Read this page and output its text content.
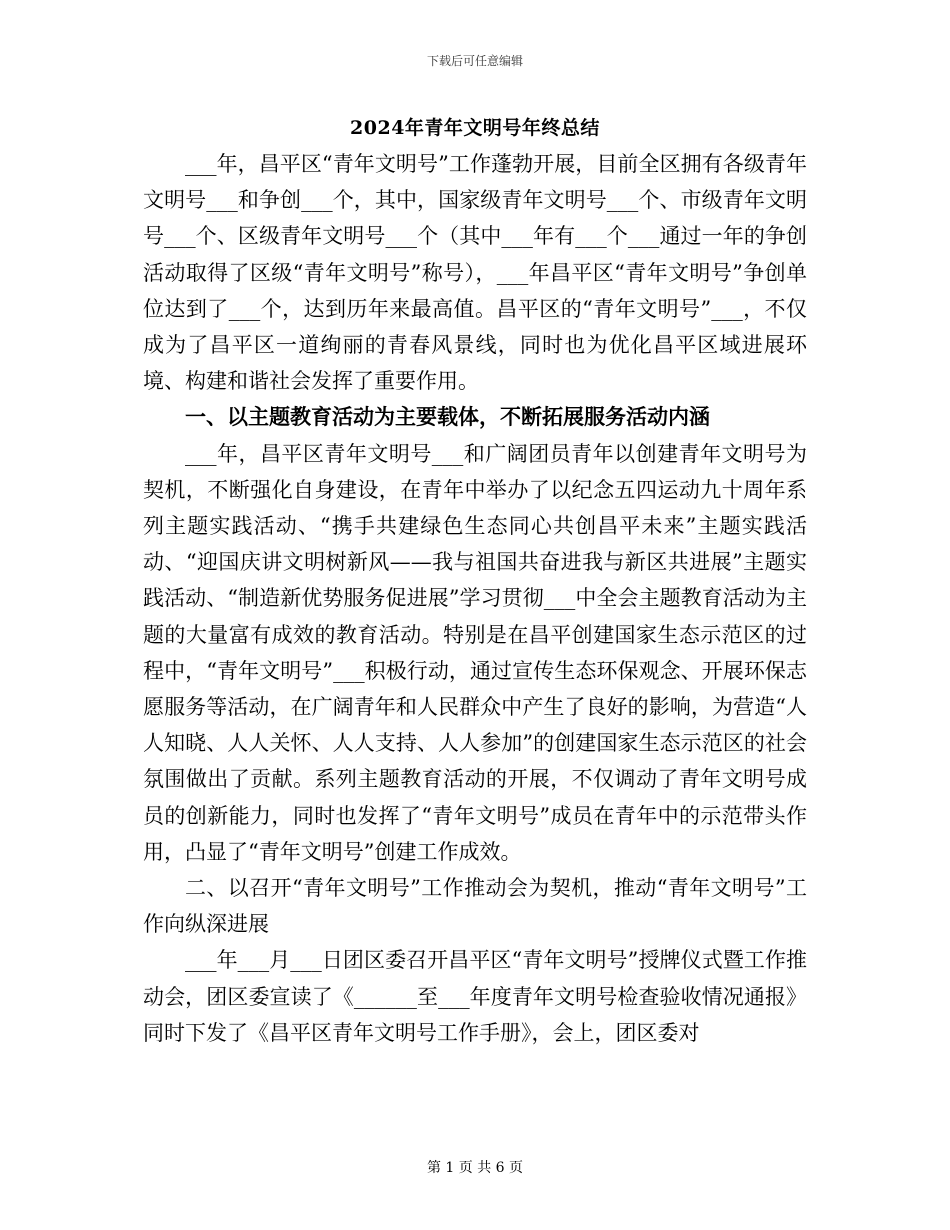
下载后可任意编辑
2024年青年文明号年终总结

___年，昌平区“青年文明号”工作蓬勃开展，目前全区拥有各级青年文明号___和争创___个，其中，国家级青年文明号___个、市级青年文明号___个、区级青年文明号___个（其中___年有___个___通过一年的争创活动取得了区级“青年文明号”称号），___年昌平区“青年文明号”争创单位达到了___个，达到历年来最高值。昌平区的“青年文明号”___，不仅成为了昌平区一道绚丽的青春风景线，同时也为优化昌平区域进展环境、构建和谐社会发挥了重要作用。

一、以主题教育活动为主要载体，不断拓展服务活动内涵

___年，昌平区青年文明号___和广阔团员青年以创建青年文明号为契机，不断强化自身建设，在青年中举办了以纪念五四运动九十周年系列主题实践活动、“携手共建绿色生态同心共创昌平未来”主题实践活动、“迎国庆讲文明树新风——我与祖国共奋进我与新区共进展”主题实践活动、“制造新优势服务促进展”学习贯彻___中全会主题教育活动为主题的大量富有成效的教育活动。特别是在昌平创建国家生态示范区的过程中，“青年文明号”___积极行动，通过宣传生态环保观念、开展环保志愿服务等活动，在广阔青年和人民群众中产生了良好的影响，为营造“人人知晓、人人关怀、人人支持、人人参加”的创建国家生态示范区的社会氛围做出了贡献。系列主题教育活动的开展，不仅调动了青年文明号成员的创新能力，同时也发挥了“青年文明号”成员在青年中的示范带头作用，凸显了“青年文明号”创建工作成效。

二、以召开“青年文明号”工作推动会为契机，推动“青年文明号”工作向纵深进展

___年___月___日团区委召开昌平区“青年文明号”授牌仪式暨工作推动会，团区委宣读了《______至___年度青年文明号检查验收情况通报》同时下发了《昌平区青年文明号工作手册》，会上，团区委对

第 1 页 共 6 页
